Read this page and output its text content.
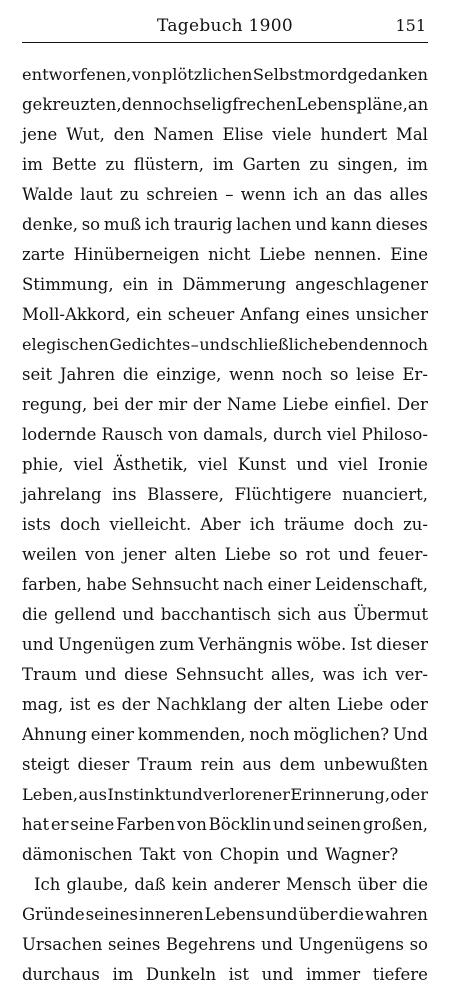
Tagebuch 1900	151
entworfenen, von plötzlichen Selbstmordgedanken
gekreuzten, dennoch selig frechen Lebenspläne, an
jene Wut, den Namen Elise viele hundert Mal
im Bette zu flüstern, im Garten zu singen, im
Walde laut zu schreien – wenn ich an das alles
denke, so muß ich traurig lachen und kann dieses
zarte Hinüberneigen nicht Liebe nennen. Eine
Stimmung, ein in Dämmerung angeschlagener
Moll-Akkord, ein scheuer Anfang eines unsicher
elegischen Gedichtes – und schließlich eben dennoch
seit Jahren die einzige, wenn noch so leise Er-
regung, bei der mir der Name Liebe einfiel. Der
lodernde Rausch von damals, durch viel Philoso-
phie, viel Ästhetik, viel Kunst und viel Ironie
jahrelang ins Blassere, Flüchtigere nuanciert,
ists doch vielleicht. Aber ich träume doch zu-
weilen von jener alten Liebe so rot und feuer-
farben, habe Sehnsucht nach einer Leidenschaft,
die gellend und bacchantisch sich aus Übermut
und Ungenügen zum Verhängnis wöbe. Ist dieser
Traum und diese Sehnsucht alles, was ich ver-
mag, ist es der Nachklang der alten Liebe oder
Ahnung einer kommenden, noch möglichen? Und
steigt dieser Traum rein aus dem unbewußten
Leben, aus Instinkt und verlorener Erinnerung, oder
hat er seine Farben von Böcklin und seinen großen,
dämonischen Takt von Chopin und Wagner?
Ich glaube, daß kein anderer Mensch über die
Gründe seines inneren Lebens und über die wahren
Ursachen seines Begehrens und Ungenügens so
durchaus im Dunkeln ist und immer tiefere
